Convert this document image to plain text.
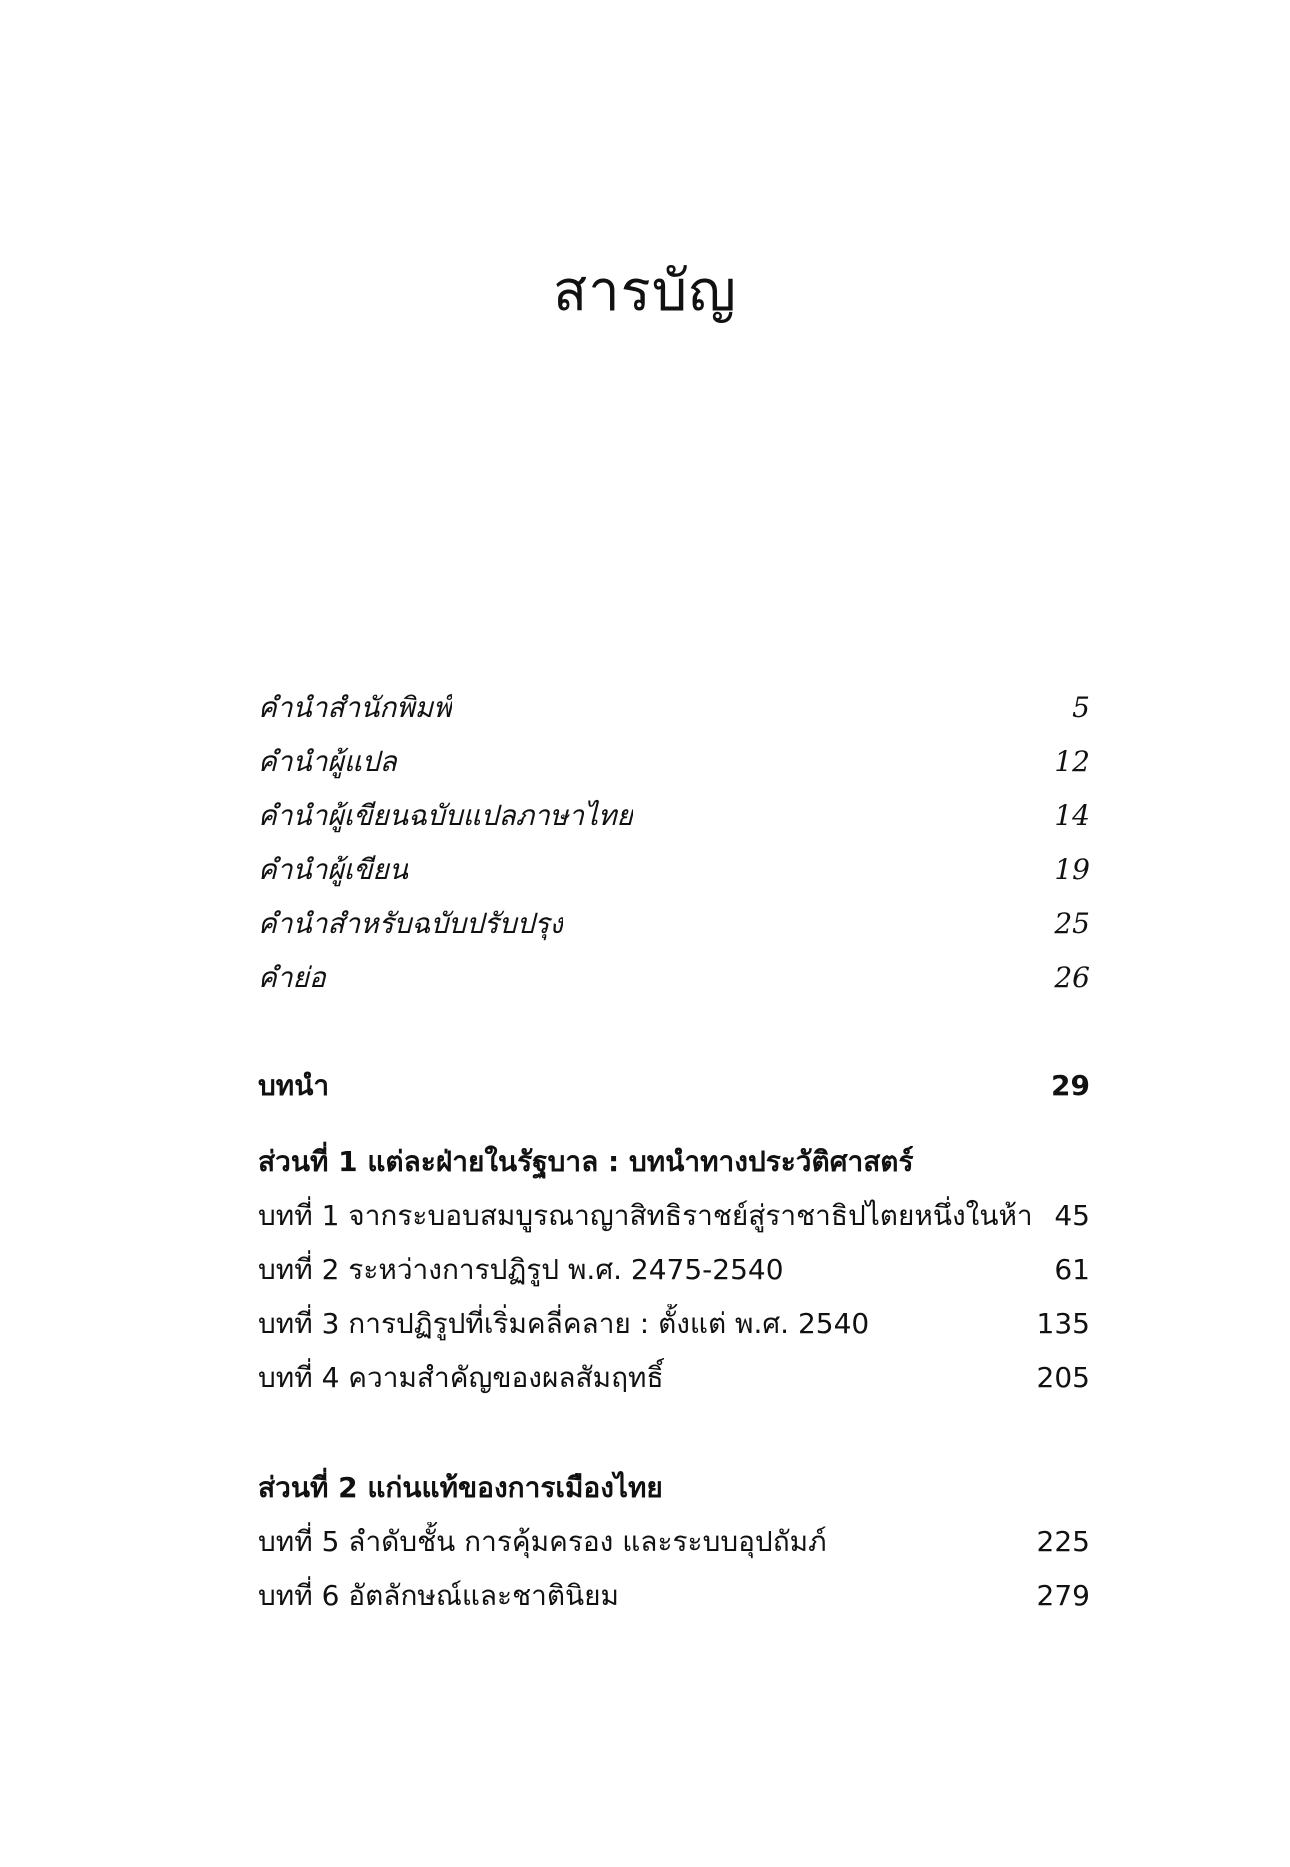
สารบัญ
คำนำสำนักพิมพ์	5
คำนำผู้แปล	12
คำนำผู้เขียนฉบับแปลภาษาไทย	14
คำนำผู้เขียน	19
คำนำสำหรับฉบับปรับปรุง	25
คำย่อ	26
บทนำ	29
ส่วนที่ 1 แต่ละฝ่ายในรัฐบาล : บทนำทางประวัติศาสตร์
บทที่ 1 จากระบอบสมบูรณาญาสิทธิราชย์สู่ราชาธิปไตยหนึ่งในห้า 45
บทที่ 2 ระหว่างการปฏิรูป พ.ศ. 2475-2540	61
บทที่ 3 การปฏิรูปที่เริ่มคลี่คลาย : ตั้งแต่ พ.ศ. 2540	135
บทที่ 4 ความสำคัญของผลสัมฤทธิ์	205
ส่วนที่ 2 แก่นแท้ของการเมืองไทย
บทที่ 5 ลำดับชั้น การคุ้มครอง และระบบอุปถัมภ์	225
บทที่ 6 อัตลักษณ์และชาตินิยม	279
